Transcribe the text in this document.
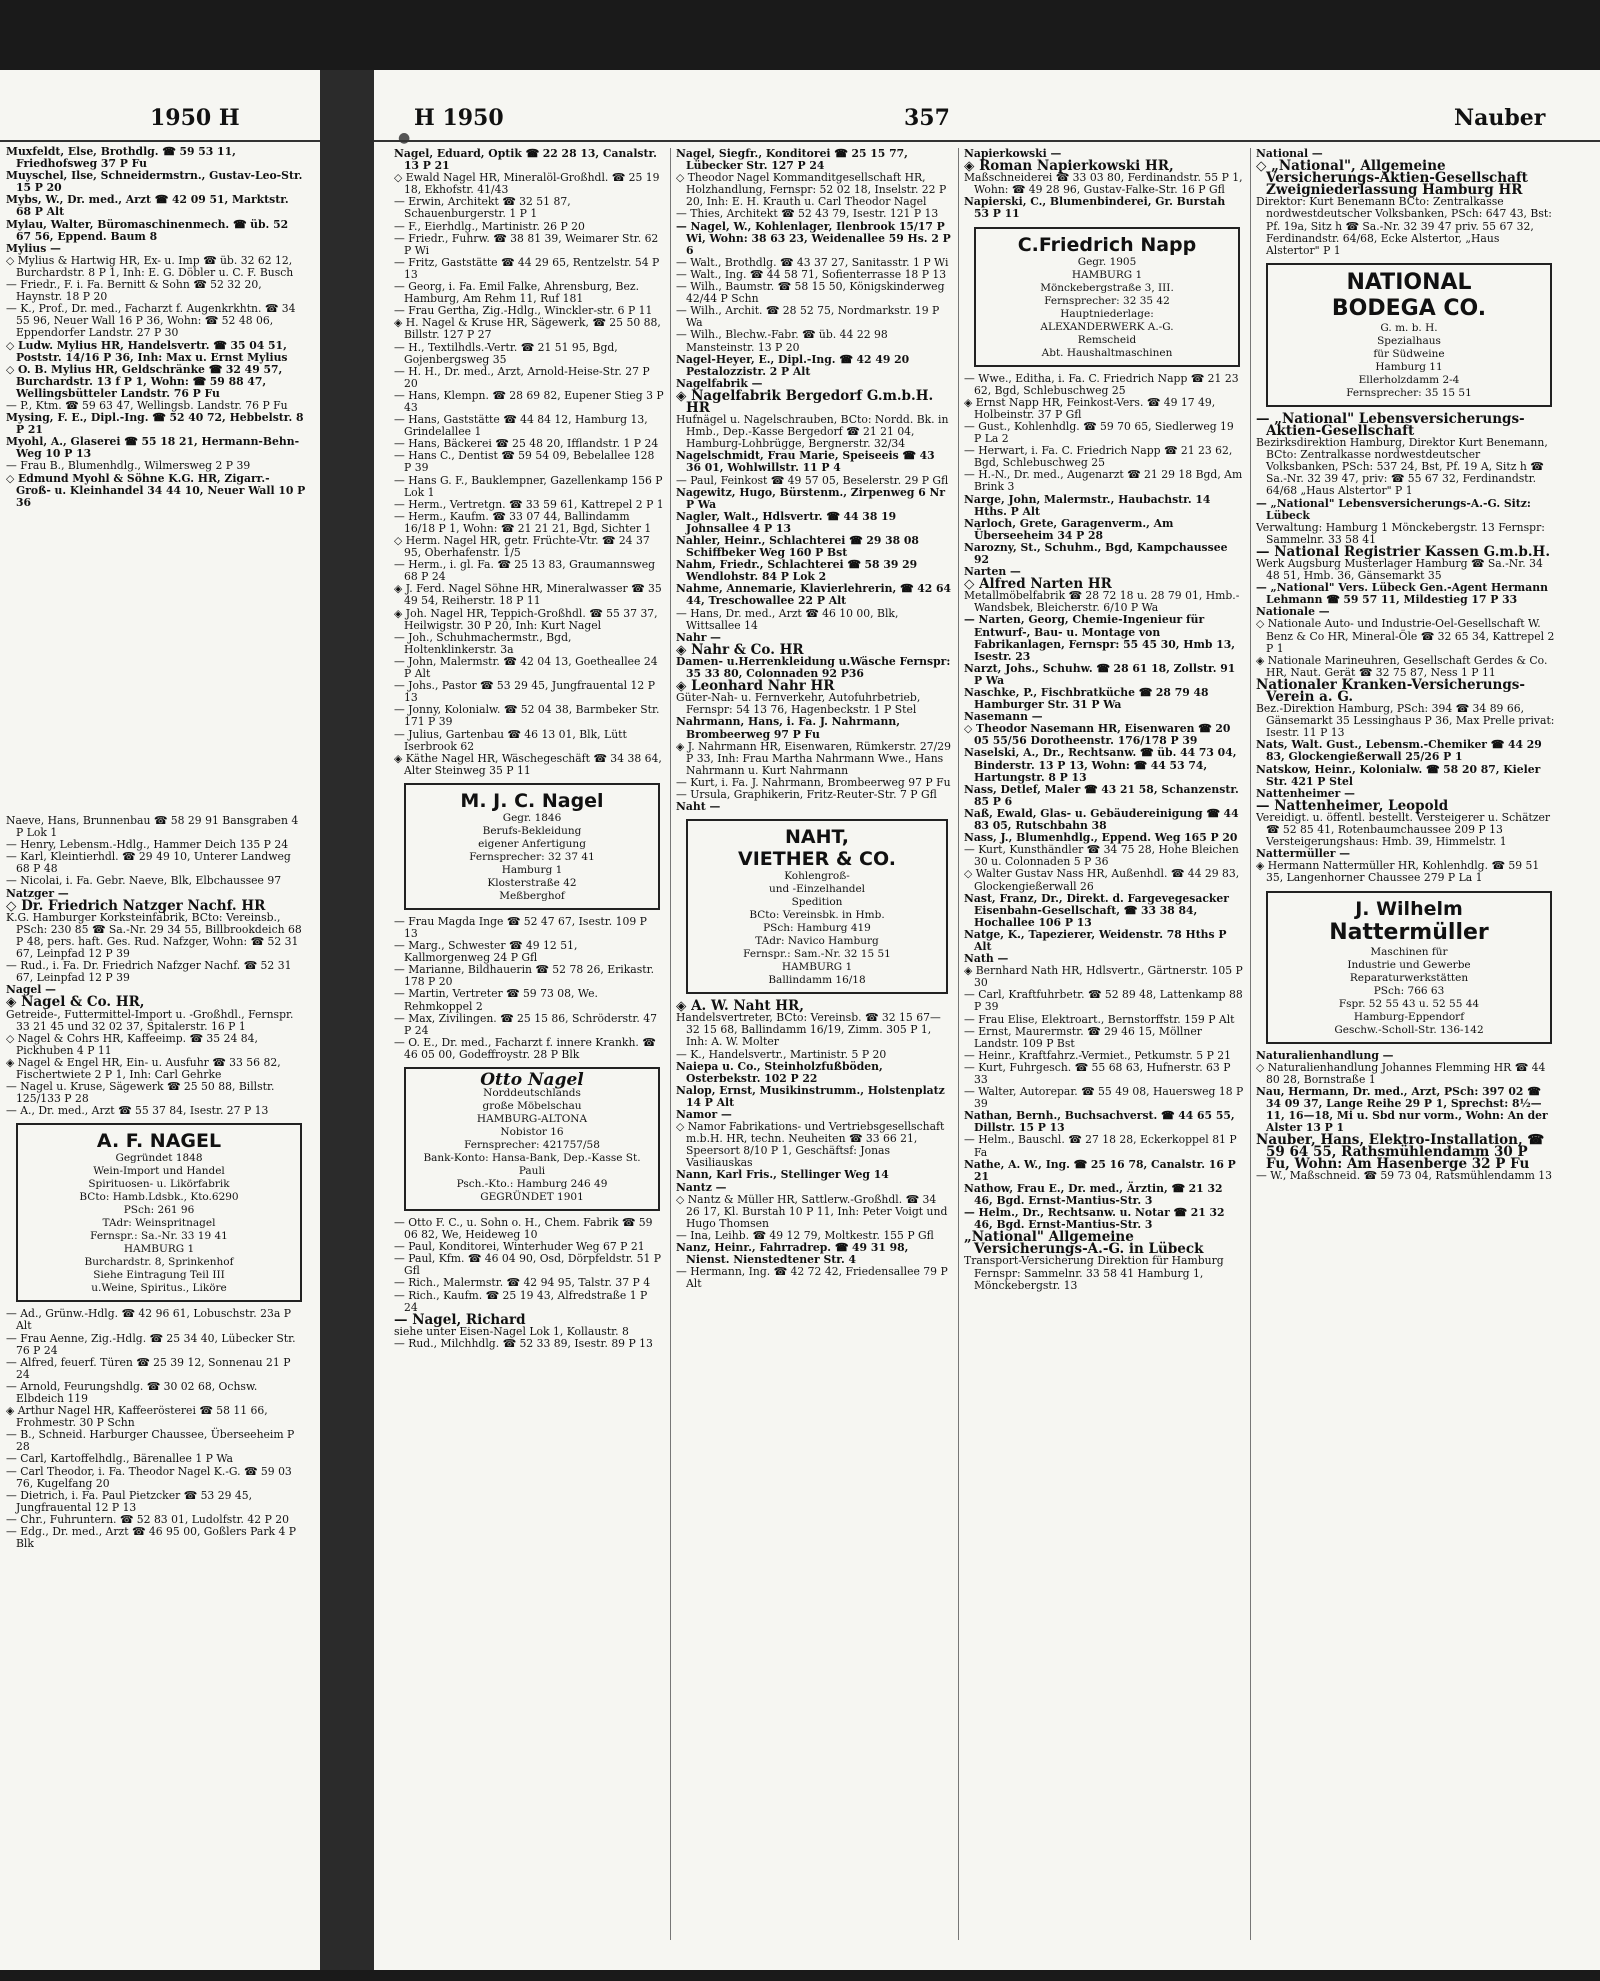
1950 H

Muxfeldt, Else, Brothdlg. ☎ 59 53 11, Friedhofsweg 37 P Fu

Muyschel, Ilse, Schneidermstrn., Gustav-Leo-Str. 15 P 20

Mybs, W., Dr. med., Arzt ☎ 42 09 51, Marktstr. 68 P Alt

Mylau, Walter, Büromaschinenmech. ☎ üb. 52 67 56, Eppend. Baum 8

Mylius —

◇ Mylius & Hartwig HR, Ex- u. Imp ☎ üb. 32 62 12, Burchardstr. 8 P 1, Inh: E. G. Döbler u. C. F. Busch

— Friedr., F. i. Fa. Bernitt & Sohn ☎ 52 32 20, Haynstr. 18 P 20

— K., Prof., Dr. med., Facharzt f. Augenkrkhtn. ☎ 34 55 96, Neuer Wall 16 P 36, Wohn: ☎ 52 48 06, Eppendorfer Landstr. 27 P 30

◇ Ludw. Mylius HR, Handelsvertr. ☎ 35 04 51, Poststr. 14/16 P 36, Inh: Max u. Ernst Mylius

◇ O. B. Mylius HR, Geldschränke ☎ 32 49 57, Burchardstr. 13 f P 1, Wohn: ☎ 59 88 47, Wellingsbütteler Landstr. 76 P Fu

— P., Ktm. ☎ 59 63 47, Wellingsb. Landstr. 76 P Fu

Mysing, F. E., Dipl.-Ing. ☎ 52 40 72, Hebbelstr. 8 P 21

Myohl, A., Glaserei ☎ 55 18 21, Hermann-Behn-Weg 10 P 13

— Frau B., Blumenhdlg., Wilmersweg 2 P 39

◇ Edmund Myohl & Söhne K.G. HR, Zigarr.- Groß- u. Kleinhandel 34 44 10, Neuer Wall 10 P 36

Naeve, Hans, Brunnenbau ☎ 58 29 91 Bansgraben 4 P Lok 1

— Henry, Lebensm.-Hdlg., Hammer Deich 135 P 24

— Karl, Kleintierhdl. ☎ 29 49 10, Unterer Landweg 68 P 48

— Nicolai, i. Fa. Gebr. Naeve, Blk, Elbchaussee 97

Natzger —

◇ Dr. Friedrich Natzger Nachf. HR

K.G. Hamburger Korksteinfabrik, BCto: Vereinsb., PSch: 230 85 ☎ Sa.-Nr. 29 34 55, Billbrookdeich 68 P 48, pers. haft. Ges. Rud. Nafzger, Wohn: ☎ 52 31 67, Leinpfad 12 P 39

— Rud., i. Fa. Dr. Friedrich Nafzger Nachf. ☎ 52 31 67, Leinpfad 12 P 39

Nagel —

◈ Nagel & Co. HR,

Getreide-, Futtermittel-Import u. -Großhdl., Fernspr. 33 21 45 und 32 02 37, Spitalerstr. 16 P 1

◇ Nagel & Cohrs HR, Kaffeeimp. ☎ 35 24 84, Pickhuben 4 P 11

◈ Nagel & Engel HR, Ein- u. Ausfuhr ☎ 33 56 82, Fischertwiete 2 P 1, Inh: Carl Gehrke

— Nagel u. Kruse, Sägewerk ☎ 25 50 88, Billstr. 125/133 P 28

— A., Dr. med., Arzt ☎ 55 37 84, Isestr. 27 P 13

A. F. NAGEL
Gegründet 1848
Wein-Import und Handel
Spirituosen- u. Likörfabrik
BCto: Hamb.Ldsbk., Kto.6290
PSch: 261 96
TAdr: Weinspritnagel
Fernspr.: Sa.-Nr. 33 19 41
HAMBURG 1
Burchardstr. 8, Sprinkenhof
Siehe Eintragung Teil III
u.Weine, Spiritus., Liköre

— Ad., Grünw.-Hdlg. ☎ 42 96 61, Lobuschstr. 23a P Alt

— Frau Aenne, Zig.-Hdlg. ☎ 25 34 40, Lübecker Str. 76 P 24

— Alfred, feuerf. Türen ☎ 25 39 12, Sonnenau 21 P 24

— Arnold, Feurungshdlg. ☎ 30 02 68, Ochsw. Elbdeich 119

◈ Arthur Nagel HR, Kaffeerösterei ☎ 58 11 66, Frohmestr. 30 P Schn

— B., Schneid. Harburger Chaussee, Überseeheim P 28

— Carl, Kartoffelhdlg., Bärenallee 1 P Wa

— Carl Theodor, i. Fa. Theodor Nagel K.-G. ☎ 59 03 76, Kugelfang 20

— Dietrich, i. Fa. Paul Pietzcker ☎ 53 29 45, Jungfrauental 12 P 13

— Chr., Fuhruntern. ☎ 52 83 01, Ludolfstr. 42 P 20

— Edg., Dr. med., Arzt ☎ 46 95 00, Goßlers Park 4 P Blk

●
H 1950	357	Nauber

Nagel, Eduard, Optik ☎ 22 28 13, Canalstr. 13 P 21

◇ Ewald Nagel HR, Mineralöl-Großhdl. ☎ 25 19 18, Ekhofstr. 41/43

— Erwin, Architekt ☎ 32 51 87, Schauenburgerstr. 1 P 1

— F., Eierhdlg., Martinistr. 26 P 20

— Friedr., Fuhrw. ☎ 38 81 39, Weimarer Str. 62 P Wi

— Fritz, Gaststätte ☎ 44 29 65, Rentzelstr. 54 P 13

— Georg, i. Fa. Emil Falke, Ahrensburg, Bez. Hamburg, Am Rehm 11, Ruf 181

— Frau Gertha, Zig.-Hdlg., Winckler-str. 6 P 11

◈ H. Nagel & Kruse HR, Sägewerk, ☎ 25 50 88, Billstr. 127 P 27

— H., Textilhdls.-Vertr. ☎ 21 51 95, Bgd, Gojenbergsweg 35

— H. H., Dr. med., Arzt, Arnold-Heise-Str. 27 P 20

— Hans, Klempn. ☎ 28 69 82, Eupener Stieg 3 P 43

— Hans, Gaststätte ☎ 44 84 12, Hamburg 13, Grindelallee 1

— Hans, Bäckerei ☎ 25 48 20, Ifflandstr. 1 P 24

— Hans C., Dentist ☎ 59 54 09, Bebelallee 128 P 39

— Hans G. F., Bauklempner, Gazellenkamp 156 P Lok 1

— Herm., Vertretgn. ☎ 33 59 61, Kattrepel 2 P 1

— Herm., Kaufm. ☎ 33 07 44, Ballindamm 16/18 P 1, Wohn: ☎ 21 21 21, Bgd, Sichter 1

◇ Herm. Nagel HR, getr. Früchte-Vtr. ☎ 24 37 95, Oberhafenstr. 1/5

— Herm., i. gl. Fa. ☎ 25 13 83, Graumannsweg 68 P 24

◈ J. Ferd. Nagel Söhne HR, Mineralwasser ☎ 35 49 54, Reiherstr. 18 P 11

◈ Joh. Nagel HR, Teppich-Großhdl. ☎ 55 37 37, Heilwigstr. 30 P 20, Inh: Kurt Nagel

— Joh., Schuhmachermstr., Bgd, Holtenklinkerstr. 3a

— John, Malermstr. ☎ 42 04 13, Goetheallee 24 P Alt

— Johs., Pastor ☎ 53 29 45, Jungfrauental 12 P 13

— Jonny, Kolonialw. ☎ 52 04 38, Barmbeker Str. 171 P 39

— Julius, Gartenbau ☎ 46 13 01, Blk, Lütt Iserbrook 62

◈ Käthe Nagel HR, Wäschegeschäft ☎ 34 38 64, Alter Steinweg 35 P 11

M. J. C. Nagel
Gegr. 1846
Berufs-Bekleidung
eigener Anfertigung
Fernsprecher: 32 37 41
Hamburg 1
Klosterstraße 42
Meßberghof

— Frau Magda Inge ☎ 52 47 67, Isestr. 109 P 13

— Marg., Schwester ☎ 49 12 51, Kallmorgenweg 24 P Gfl

— Marianne, Bildhauerin ☎ 52 78 26, Erikastr. 178 P 20

— Martin, Vertreter ☎ 59 73 08, We. Rehmkoppel 2

— Max, Zivilingen. ☎ 25 15 86, Schröderstr. 47 P 24

— O. E., Dr. med., Facharzt f. innere Krankh. ☎ 46 05 00, Godeffroystr. 28 P Blk

Otto Nagel
Norddeutschlands
große Möbelschau
HAMBURG-ALTONA
Nobistor 16
Fernsprecher: 421757/58
Bank-Konto: Hansa-Bank, Dep.-Kasse St. Pauli
Psch.-Kto.: Hamburg 246 49
GEGRÜNDET 1901

— Otto F. C., u. Sohn o. H., Chem. Fabrik ☎ 59 06 82, We, Heideweg 10

— Paul, Konditorei, Winterhuder Weg 67 P 21

— Paul, Kfm. ☎ 46 04 90, Osd, Dörpfeldstr. 51 P Gfl

— Rich., Malermstr. ☎ 42 94 95, Talstr. 37 P 4

— Rich., Kaufm. ☎ 25 19 43, Alfredstraße 1 P 24

— Nagel, Richard

siehe unter Eisen-Nagel Lok 1, Kollaustr. 8

— Rud., Milchhdlg. ☎ 52 33 89, Isestr. 89 P 13

Nagel, Siegfr., Konditorei ☎ 25 15 77, Lübecker Str. 127 P 24

◇ Theodor Nagel Kommanditgesellschaft HR, Holzhandlung, Fernspr: 52 02 18, Inselstr. 22 P 20, Inh: E. H. Krauth u. Carl Theodor Nagel

— Thies, Architekt ☎ 52 43 79, Isestr. 121 P 13

— Nagel, W., Kohlenlager, Ilenbrook 15/17 P Wi, Wohn: 38 63 23, Weidenallee 59 Hs. 2 P 6

— Walt., Brothdlg. ☎ 43 37 27, Sanitasstr. 1 P Wi

— Walt., Ing. ☎ 44 58 71, Sofienterrasse 18 P 13

— Wilh., Baumstr. ☎ 58 15 50, Königskinderweg 42/44 P Schn

— Wilh., Archit. ☎ 28 52 75, Nordmarkstr. 19 P Wa

— Wilh., Blechw.-Fabr. ☎ üb. 44 22 98 Mansteinstr. 13 P 20

Nagel-Heyer, E., Dipl.-Ing. ☎ 42 49 20 Pestalozzistr. 2 P Alt

Nagelfabrik —

◈ Nagelfabrik Bergedorf G.m.b.H. HR

Hufnägel u. Nagelschrauben, BCto: Nordd. Bk. in Hmb., Dep.-Kasse Bergedorf ☎ 21 21 04, Hamburg-Lohbrügge, Bergnerstr. 32/34

Nagelschmidt, Frau Marie, Speiseeis ☎ 43 36 01, Wohlwillstr. 11 P 4

— Paul, Feinkost ☎ 49 57 05, Beselerstr. 29 P Gfl

Nagewitz, Hugo, Bürstenm., Zirpenweg 6 Nr P Wa

Nagler, Walt., Hdlsvertr. ☎ 44 38 19 Johnsallee 4 P 13

Nahler, Heinr., Schlachterei ☎ 29 38 08 Schiffbeker Weg 160 P Bst

Nahm, Friedr., Schlachterei ☎ 58 39 29 Wendlohstr. 84 P Lok 2

Nahme, Annemarie, Klavierlehrerin, ☎ 42 64 44, Treschowallee 22 P Alt

— Hans, Dr. med., Arzt ☎ 46 10 00, Blk, Wittsallee 14

Nahr —

◈ Nahr & Co. HR

Damen- u.Herrenkleidung u.Wäsche Fernspr: 35 33 80, Colonnaden 92 P36

◈ Leonhard Nahr HR

Güter-Nah- u. Fernverkehr, Autofuhrbetrieb, Fernspr: 54 13 76, Hagenbeckstr. 1 P Stel

Nahrmann, Hans, i. Fa. J. Nahrmann, Brombeerweg 97 P Fu

◈ J. Nahrmann HR, Eisenwaren, Rümkerstr. 27/29 P 33, Inh: Frau Martha Nahrmann Wwe., Hans Nahrmann u. Kurt Nahrmann

— Kurt, i. Fa. J. Nahrmann, Brombeerweg 97 P Fu

— Ursula, Graphikerin, Fritz-Reuter-Str. 7 P Gfl

Naht —

NAHT,
VIETHER & CO.
Kohlengroß-
und -Einzelhandel
Spedition
BCto: Vereinsbk. in Hmb.
PSch: Hamburg 419
TAdr: Navico Hamburg
Fernspr.: Sam.-Nr. 32 15 51
HAMBURG 1
Ballindamm 16/18

◈ A. W. Naht HR,

Handelsvertreter, BCto: Vereinsb. ☎ 32 15 67—32 15 68, Ballindamm 16/19, Zimm. 305 P 1, Inh: A. W. Molter

— K., Handelsvertr., Martinistr. 5 P 20

Naiepa u. Co., Steinholzfußböden, Osterbekstr. 102 P 22

Nalop, Ernst, Musikinstrumm., Holstenplatz 14 P Alt

Namor —

◇ Namor Fabrikations- und Vertriebsgesellschaft m.b.H. HR, techn. Neuheiten ☎ 33 66 21, Speersort 8/10 P 1, Geschäftsf: Jonas Vasiliauskas

Nann, Karl Fris., Stellinger Weg 14

Nantz —

◇ Nantz & Müller HR, Sattlerw.-Großhdl. ☎ 34 26 17, Kl. Burstah 10 P 11, Inh: Peter Voigt und Hugo Thomsen

— Ina, Leihb. ☎ 49 12 79, Moltkestr. 155 P Gfl

Nanz, Heinr., Fahrradrep. ☎ 49 31 98, Nienst. Nienstedtener Str. 4

— Hermann, Ing. ☎ 42 72 42, Friedensallee 79 P Alt

Napierkowski —

◈ Roman Napierkowski HR,

Maßschneiderei ☎ 33 03 80, Ferdinandstr. 55 P 1, Wohn: ☎ 49 28 96, Gustav-Falke-Str. 16 P Gfl

Napierski, C., Blumenbinderei, Gr. Burstah 53 P 11

C.Friedrich Napp
Gegr. 1905
HAMBURG 1
Mönckebergstraße 3, III.
Fernsprecher: 32 35 42
Hauptniederlage:
ALEXANDERWERK A.-G.
Remscheid
Abt. Haushaltmaschinen

— Wwe., Editha, i. Fa. C. Friedrich Napp ☎ 21 23 62, Bgd, Schlebuschweg 25

◈ Ernst Napp HR, Feinkost-Vers. ☎ 49 17 49, Holbeinstr. 37 P Gfl

— Gust., Kohlenhdlg. ☎ 59 70 65, Siedlerweg 19 P La 2

— Herwart, i. Fa. C. Friedrich Napp ☎ 21 23 62, Bgd, Schlebuschweg 25

— H.-N., Dr. med., Augenarzt ☎ 21 29 18 Bgd, Am Brink 3

Narge, John, Malermstr., Haubachstr. 14 Hths. P Alt

Narloch, Grete, Garagenverm., Am Überseeheim 34 P 28

Narozny, St., Schuhm., Bgd, Kampchaussee 92

Narten —

◇ Alfred Narten HR

Metallmöbelfabrik ☎ 28 72 18 u. 28 79 01, Hmb.-Wandsbek, Bleicherstr. 6/10 P Wa

— Narten, Georg, Chemie-Ingenieur für Entwurf-, Bau- u. Montage von Fabrikanlagen, Fernspr: 55 45 30, Hmb 13, Isestr. 23

Narzt, Johs., Schuhw. ☎ 28 61 18, Zollstr. 91 P Wa

Naschke, P., Fischbratküche ☎ 28 79 48 Hamburger Str. 31 P Wa

Nasemann —

◇ Theodor Nasemann HR, Eisenwaren ☎ 20 05 55/56 Dorotheenstr. 176/178 P 39

Naselski, A., Dr., Rechtsanw. ☎ üb. 44 73 04, Binderstr. 13 P 13, Wohn: ☎ 44 53 74, Hartungstr. 8 P 13

Nass, Detlef, Maler ☎ 43 21 58, Schanzenstr. 85 P 6

Naß, Ewald, Glas- u. Gebäudereinigung ☎ 44 83 05, Rutschbahn 38

Nass, J., Blumenhdlg., Eppend. Weg 165 P 20

— Kurt, Kunsthändler ☎ 34 75 28, Hohe Bleichen 30 u. Colonnaden 5 P 36

◇ Walter Gustav Nass HR, Außenhdl. ☎ 44 29 83, Glockengießerwall 26

Nast, Franz, Dr., Direkt. d. Fargevegesacker Eisenbahn-Gesellschaft, ☎ 33 38 84, Hochallee 106 P 13

Natge, K., Tapezierer, Weidenstr. 78 Hths P Alt

Nath —

◈ Bernhard Nath HR, Hdlsvertr., Gärtnerstr. 105 P 30

— Carl, Kraftfuhrbetr. ☎ 52 89 48, Lattenkamp 88 P 39

— Frau Elise, Elektroart., Bernstorffstr. 159 P Alt

— Ernst, Maurermstr. ☎ 29 46 15, Möllner Landstr. 109 P Bst

— Heinr., Kraftfahrz.-Vermiet., Petkumstr. 5 P 21

— Kurt, Fuhrgesch. ☎ 55 68 63, Hufnerstr. 63 P 33

— Walter, Autorepar. ☎ 55 49 08, Hauersweg 18 P 39

Nathan, Bernh., Buchsachverst. ☎ 44 65 55, Dillstr. 15 P 13

— Helm., Bauschl. ☎ 27 18 28, Eckerkoppel 81 P Fa

Nathe, A. W., Ing. ☎ 25 16 78, Canalstr. 16 P 21

Nathow, Frau E., Dr. med., Ärztin, ☎ 21 32 46, Bgd. Ernst-Mantius-Str. 3

— Helm., Dr., Rechtsanw. u. Notar ☎ 21 32 46, Bgd. Ernst-Mantius-Str. 3

„National" Allgemeine Versicherungs-A.-G. in Lübeck

Transport-Versicherung Direktion für Hamburg Fernspr: Sammelnr. 33 58 41 Hamburg 1, Mönckebergstr. 13

National —

◇ „National", Allgemeine Versicherungs-Aktien-Gesellschaft Zweigniederlassung Hamburg HR

Direktor: Kurt Benemann BCto: Zentralkasse nordwestdeutscher Volksbanken, PSch: 647 43, Bst: Pf. 19a, Sitz h ☎ Sa.-Nr. 32 39 47 priv. 55 67 32, Ferdinandstr. 64/68, Ecke Alstertor, „Haus Alstertor" P 1

NATIONAL
BODEGA CO.
G. m. b. H.
Spezialhaus
für Südweine
Hamburg 11
Ellerholzdamm 2-4
Fernsprecher: 35 15 51

— „National" Lebensversicherungs-Aktien-Gesellschaft

Bezirksdirektion Hamburg, Direktor Kurt Benemann, BCto: Zentralkasse nordwestdeutscher Volksbanken, PSch: 537 24, Bst, Pf. 19 A, Sitz h ☎ Sa.-Nr. 32 39 47, priv: ☎ 55 67 32, Ferdinandstr. 64/68 „Haus Alstertor" P 1

— „National" Lebensversicherungs-A.-G. Sitz: Lübeck

Verwaltung: Hamburg 1 Mönckebergstr. 13 Fernspr: Sammelnr. 33 58 41

— National Registrier Kassen G.m.b.H.

Werk Augsburg Musterlager Hamburg ☎ Sa.-Nr. 34 48 51, Hmb. 36, Gänsemarkt 35

— „National" Vers. Lübeck Gen.-Agent Hermann Lehmann ☎ 59 57 11, Mildestieg 17 P 33

Nationale —

◇ Nationale Auto- und Industrie-Oel-Gesellschaft W. Benz & Co HR, Mineral-Öle ☎ 32 65 34, Kattrepel 2 P 1

◈ Nationale Marineuhren, Gesellschaft Gerdes & Co. HR, Naut. Gerät ☎ 32 75 87, Ness 1 P 11

Nationaler Kranken-Versicherungs-Verein a. G.

Bez.-Direktion Hamburg, PSch: 394 ☎ 34 89 66, Gänsemarkt 35 Lessinghaus P 36, Max Prelle privat: Isestr. 11 P 13

Nats, Walt. Gust., Lebensm.-Chemiker ☎ 44 29 83, Glockengießerwall 25/26 P 1

Natskow, Heinr., Kolonialw. ☎ 58 20 87, Kieler Str. 421 P Stel

Nattenheimer —

— Nattenheimer, Leopold

Vereidigt. u. öffentl. bestellt. Versteigerer u. Schätzer ☎ 52 85 41, Rotenbaumchaussee 209 P 13 Versteigerungshaus: Hmb. 39, Himmelstr. 1

Nattermüller —

◈ Hermann Nattermüller HR, Kohlenhdlg. ☎ 59 51 35, Langenhorner Chaussee 279 P La 1

J. Wilhelm
Nattermüller
Maschinen für
Industrie und Gewerbe
Reparaturwerkstätten
PSch: 766 63
Fspr. 52 55 43 u. 52 55 44
Hamburg-Eppendorf
Geschw.-Scholl-Str. 136-142

Naturalienhandlung —

◇ Naturalienhandlung Johannes Flemming HR ☎ 44 80 28, Bornstraße 1

Nau, Hermann, Dr. med., Arzt, PSch: 397 02 ☎ 34 09 37, Lange Reihe 29 P 1, Sprechst: 8½—11, 16—18, Mi u. Sbd nur vorm., Wohn: An der Alster 13 P 1

Nauber, Hans, Elektro-Installation, ☎ 59 64 55, Rathsmühlendamm 30 P Fu, Wohn: Am Hasenberge 32 P Fu

— W., Maßschneid. ☎ 59 73 04, Ratsmühlendamm 13
